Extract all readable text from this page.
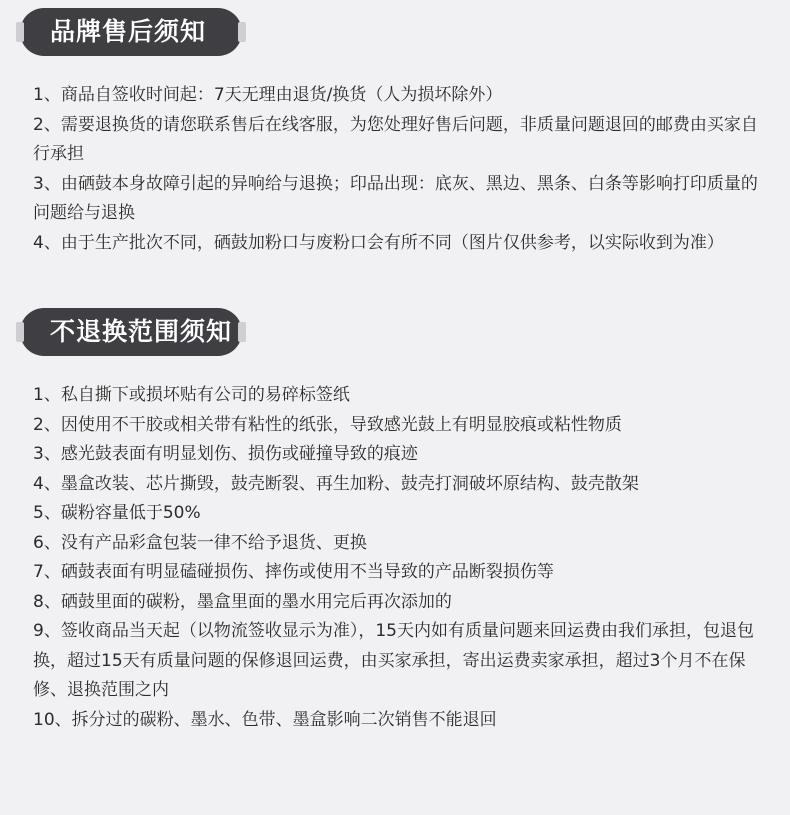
品牌售后须知
1、商品自签收时间起：7天无理由退货/换货（人为损坏除外）
2、需要退换货的请您联系售后在线客服，为您处理好售后问题，非质量问题退回的邮费由买家自行承担
3、由硒鼓本身故障引起的异响给与退换；印品出现：底灰、黑边、黑条、白条等影响打印质量的问题给与退换
4、由于生产批次不同，硒鼓加粉口与废粉口会有所不同（图片仅供参考，以实际收到为准）
不退换范围须知
1、私自撕下或损坏贴有公司的易碎标签纸
2、因使用不干胶或相关带有粘性的纸张，导致感光鼓上有明显胶痕或粘性物质
3、感光鼓表面有明显划伤、损伤或碰撞导致的痕迹
4、墨盒改装、芯片撕毁，鼓壳断裂、再生加粉、鼓壳打洞破坏原结构、鼓壳散架
5、碳粉容量低于50%
6、没有产品彩盒包装一律不给予退货、更换
7、硒鼓表面有明显磕碰损伤、摔伤或使用不当导致的产品断裂损伤等
8、硒鼓里面的碳粉，墨盒里面的墨水用完后再次添加的
9、签收商品当天起（以物流签收显示为准），15天内如有质量问题来回运费由我们承担，包退包换，超过15天有质量问题的保修退回运费，由买家承担，寄出运费卖家承担，超过3个月不在保修、退换范围之内
10、拆分过的碳粉、墨水、色带、墨盒影响二次销售不能退回
